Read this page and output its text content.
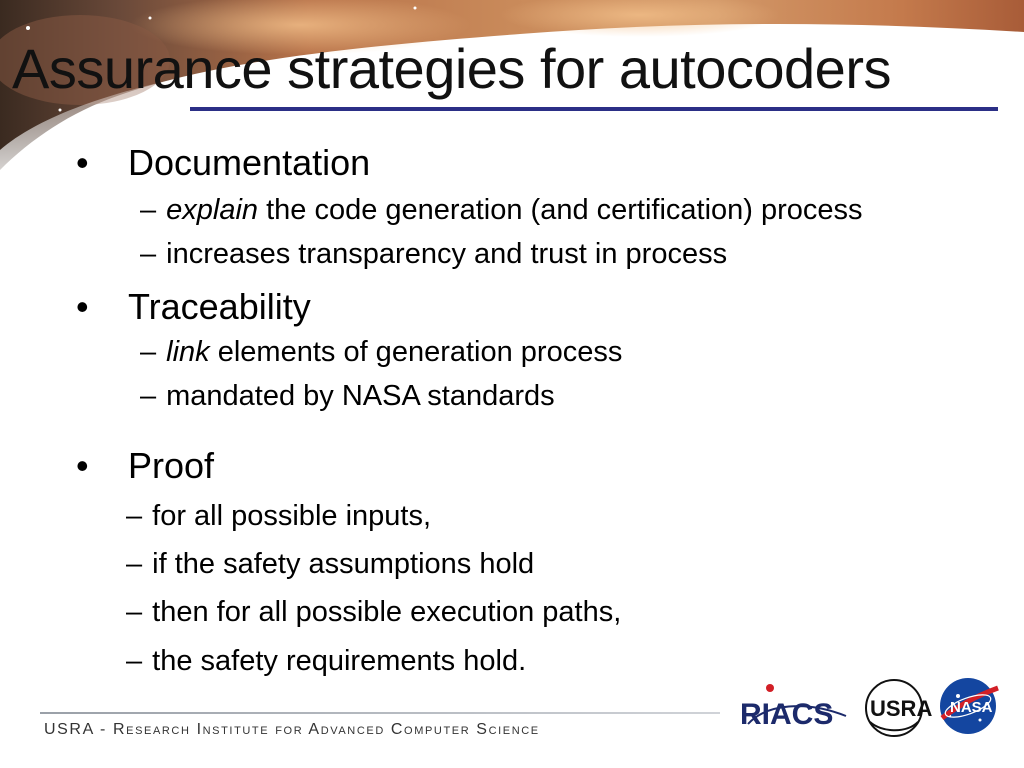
Assurance strategies for autocoders
• Documentation
– explain the code generation (and certification) process
– increases transparency and trust in process
• Traceability
– link elements of generation process
– mandated by NASA standards
• Proof
– for all possible inputs,
– if the safety assumptions hold
– then for all possible execution paths,
– the safety requirements hold.

USRA - Research Institute for Advanced Computer Science	RIACS USRA NASA
